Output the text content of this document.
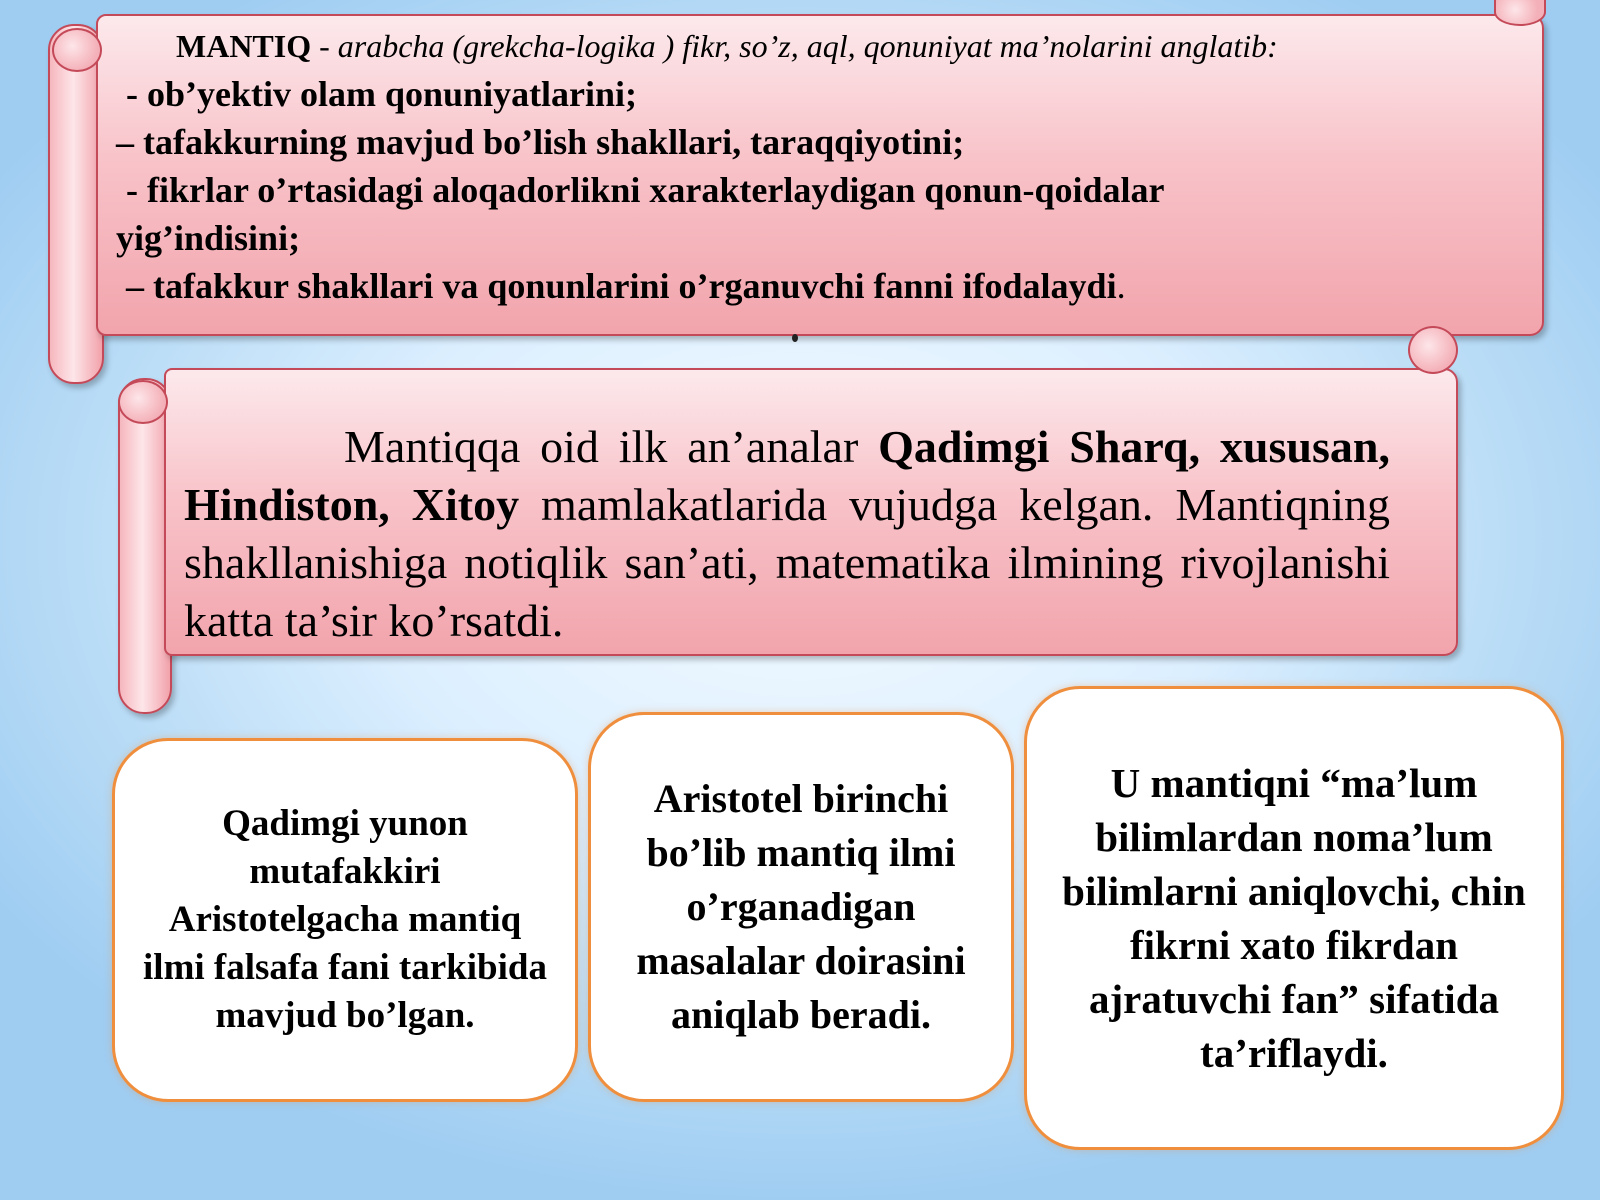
MANTIQ - arabcha (grekcha-logika ) fikr, so’z, aql, qonuniyat ma’nolarini anglatib:
- ob’yektiv olam qonuniyatlarini;
– tafakkurning mavjud bo’lish shakllari, taraqqiyotini;
- fikrlar o’rtasidagi aloqadorlikni xarakterlaydigan qonun-qoidalar
yig’indisini;
– tafakkur shakllari va qonunlarini o’rganuvchi fanni ifodalaydi.
Mantiqqa oid ilk an’analar Qadimgi Sharq, xususan, Hindiston, Xitoy mamlakatlarida vujudga kelgan. Mantiqning shakllanishiga notiqlik san’ati, matematika ilmining rivojlanishi katta ta’sir ko’rsatdi.
Qadimgi yunon mutafakkiri Aristotelgacha mantiq ilmi falsafa fani tarkibida mavjud bo’lgan.
Aristotel birinchi bo’lib mantiq ilmi o’rganadigan masalalar doirasini aniqlab beradi.
U mantiqni “ma’lum bilimlardan noma’lum bilimlarni aniqlovchi, chin fikrni xato fikrdan ajratuvchi fan” sifatida ta’riflaydi.
